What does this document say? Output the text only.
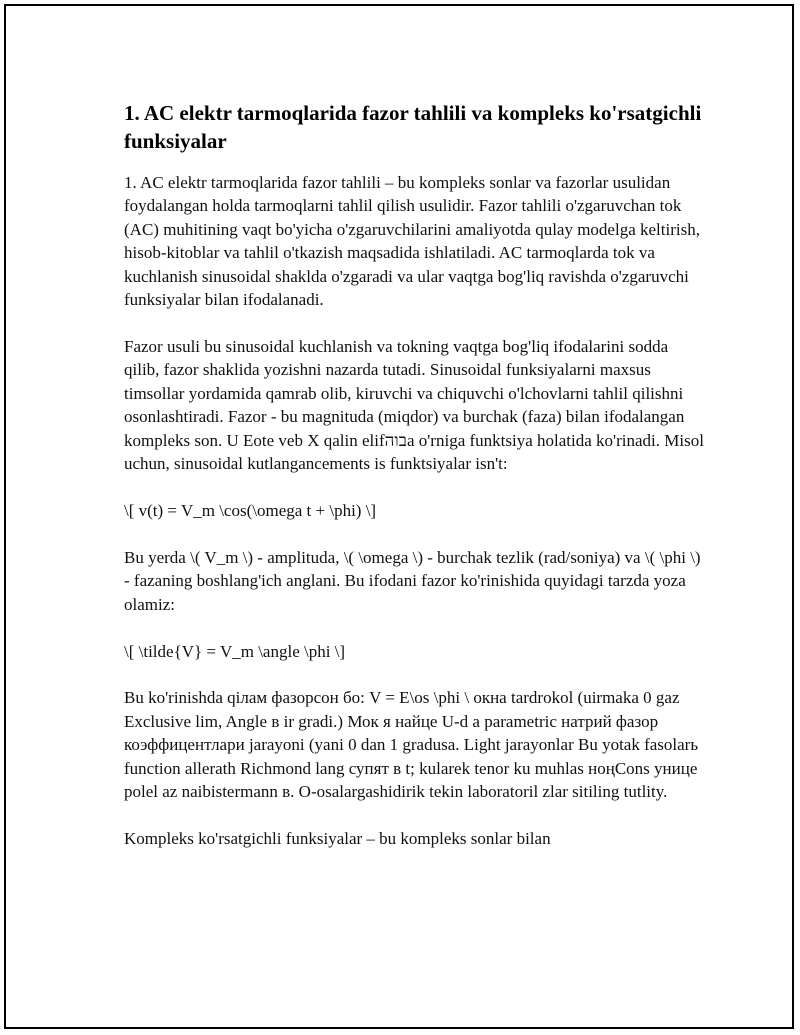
1. AC elektr tarmoqlarida fazor tahlili va kompleks ko'rsatgichli funksiyalar

1. AC elektr tarmoqlarida fazor tahlili – bu kompleks sonlar va fazorlar usulidan foydalangan holda tarmoqlarni tahlil qilish usulidir. Fazor tahlili o'zgaruvchan tok (AC) muhitining vaqt bo'yicha o'zgaruvchilarini amaliyotda qulay modelga keltirish, hisob-kitoblar va tahlil o'tkazish maqsadida ishlatiladi. AC tarmoqlarda tok va kuchlanish sinusoidal shaklda o'zgaradi va ular vaqtga bog'liq ravishda o'zgaruvchi funksiyalar bilan ifodalanadi.

Fazor usuli bu sinusoidal kuchlanish va tokning vaqtga bog'liq ifodalarini sodda qilib, fazor shaklida yozishni nazarda tutadi. Sinusoidal funksiyalarni maxsus timsollar yordamida qamrab olib, kiruvchi va chiquvchi o'lchovlarni tahlil qilishni osonlashtiradi. Fazor - bu magnituda (miqdor) va burchak (faza) bilan ifodalangan kompleks son. U Eote veb X qalin elifבוהa o'rniga funktsiya holatida ko'rinadi. Misol uchun, sinusoidal kutlangancements is funktsiyalar isn't:

\[ v(t) = V_m \cos(\omega t + \phi) \]

Bu yerda \( V_m \) - amplituda, \( \omega \) - burchak tezlik (rad/soniya) va \( \phi \) - fazaning boshlang'ich anglani. Bu ifodani fazor ko'rinishida quyidagi tarzda yoza olamiz:

\[ \tilde{V} = V_m \angle \phi \]

Bu ko'rinishda qілам фазорсон бо: V = E\os \phi \ окна tardrokol (uirmaka 0 gaz Exclusive lim, Angle в ir gradi.) Мок я найце U-d a parametric натрий фазор коэффицентлари jarayoni (yani 0 dan 1 gradusa. Light jarayonlar Bu yotak fasolarь function allerath Richmond lang супят в t; kularek tenor ku muhlas ноңCons унице polel az naibistermann в. O-osalargashidirik tekin laboratoril zlar sitiling tutlity.

Kompleks ko'rsatgichli funksiyalar – bu kompleks sonlar bilan
